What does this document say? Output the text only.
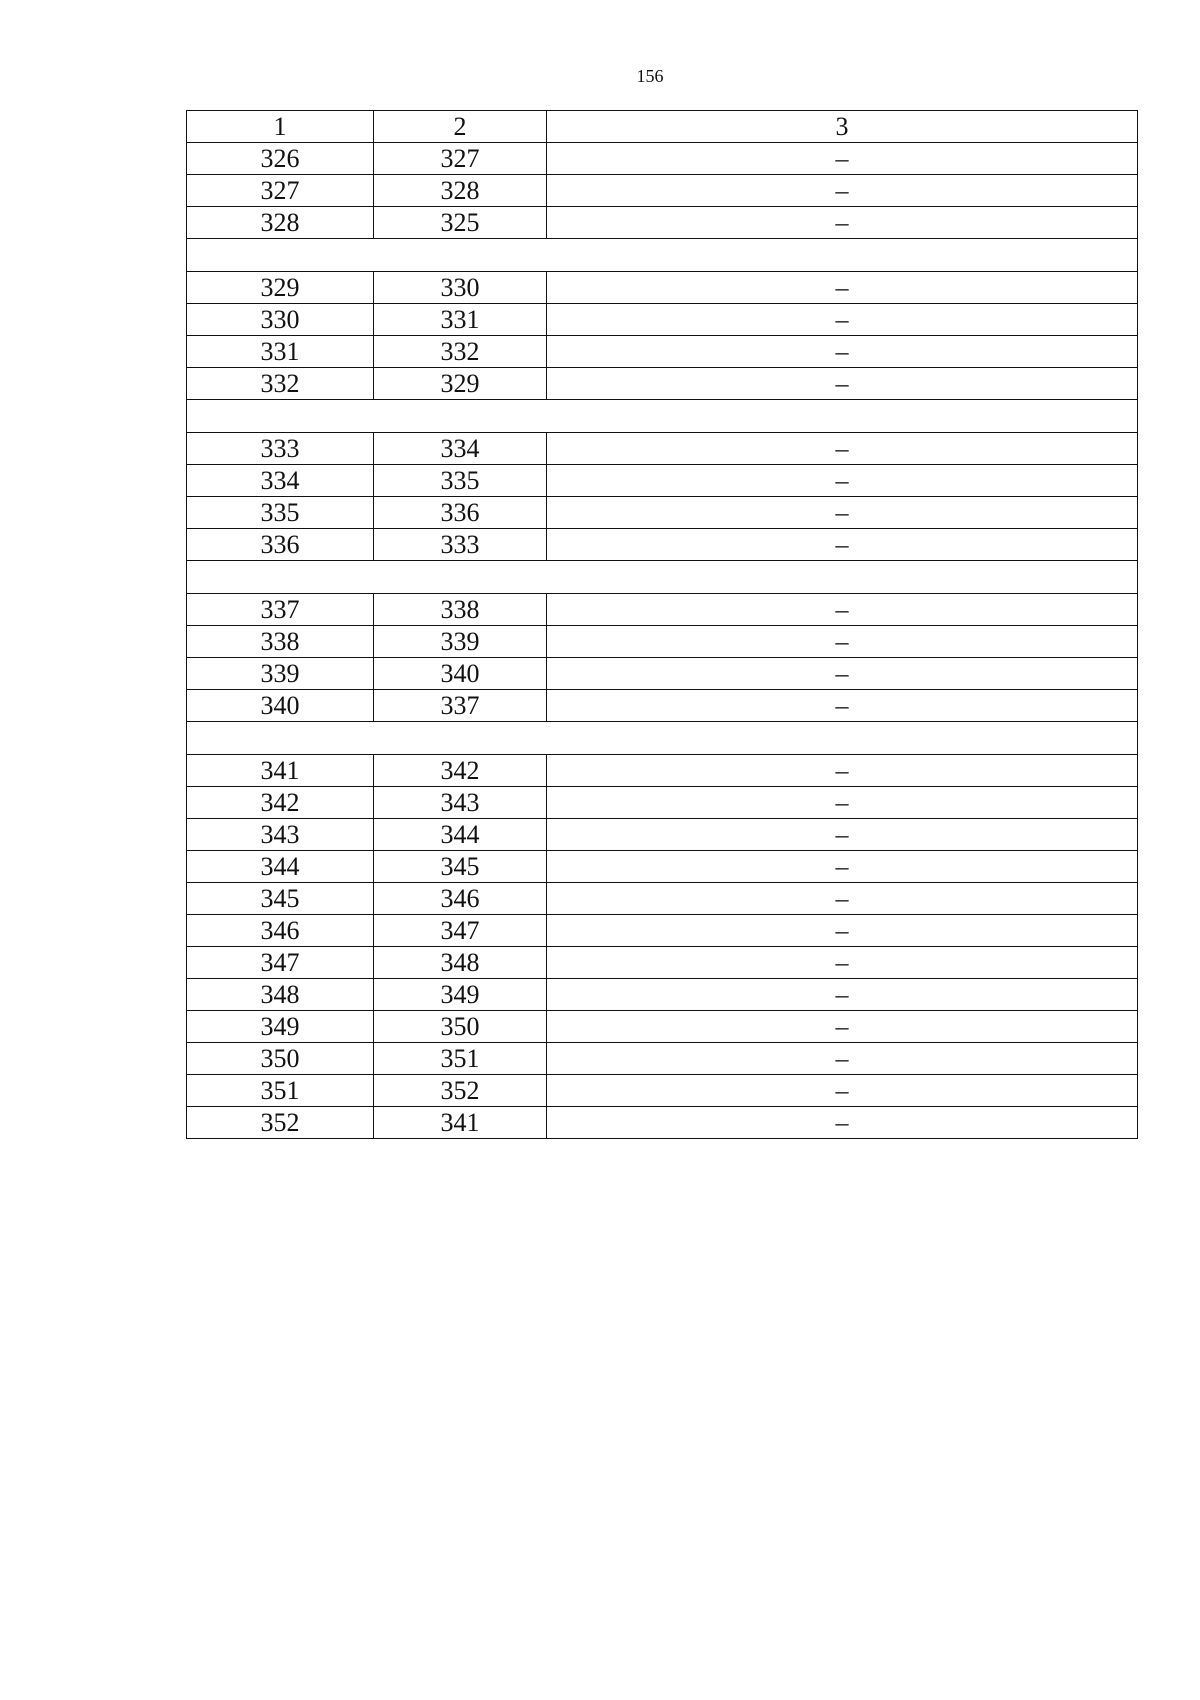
156
1	2	3
326	327	–
327	328	–
328	325	–

329	330	–
330	331	–
331	332	–
332	329	–

333	334	–
334	335	–
335	336	–
336	333	–

337	338	–
338	339	–
339	340	–
340	337	–

341	342	–
342	343	–
343	344	–
344	345	–
345	346	–
346	347	–
347	348	–
348	349	–
349	350	–
350	351	–
351	352	–
352	341	–
